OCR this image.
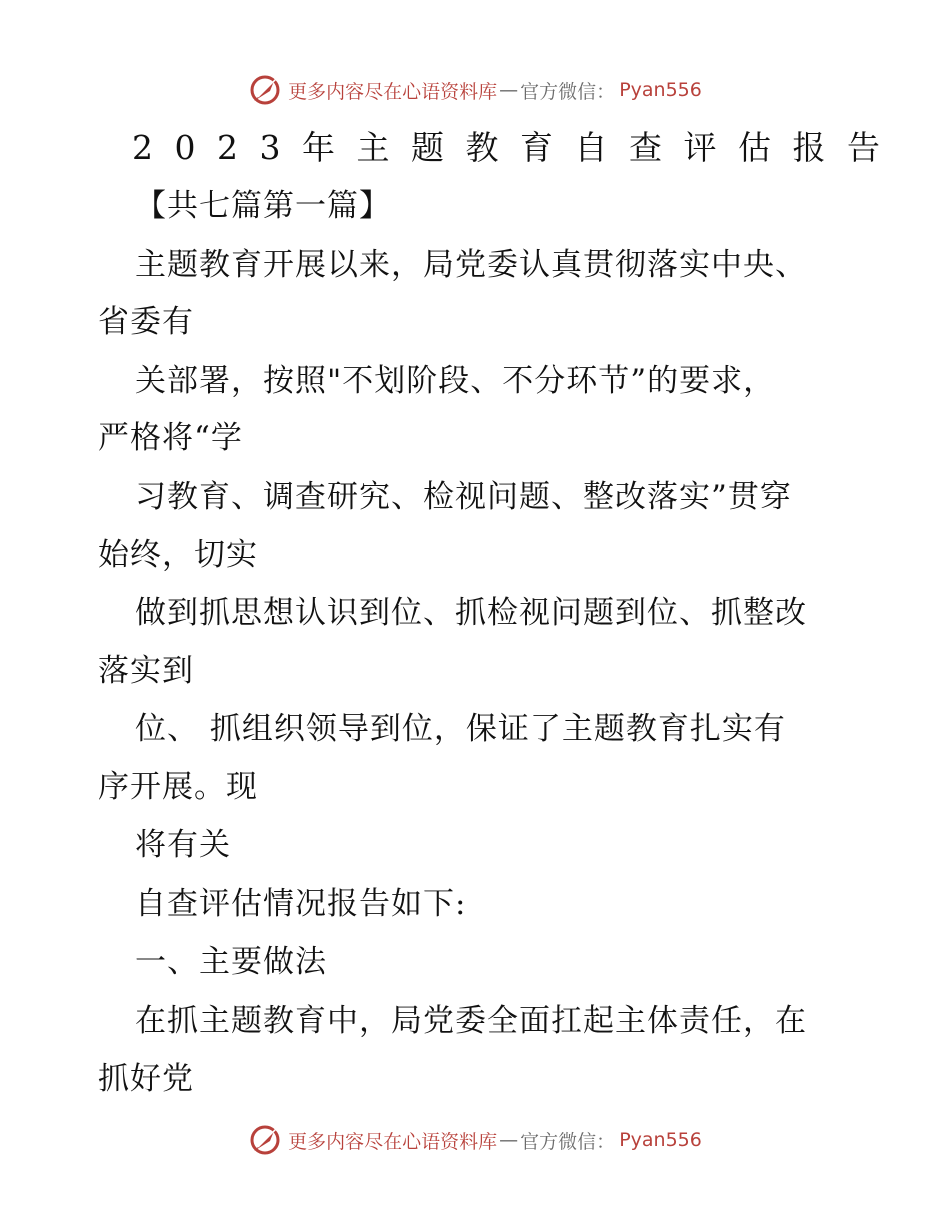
更多内容尽在心语资料库 — 官方微信： Pyan556
2023年主题教育自查评估报告
【共七篇第一篇】
主题教育开展以来，局党委认真贯彻落实中央、
省委有
关部署，按照"不划阶段、不分环节”的要求，
严格将“学
习教育、调查研究、检视问题、整改落实”贯穿
始终，切实
做到抓思想认识到位、抓检视问题到位、抓整改
落实到
位、 抓组织领导到位，保证了主题教育扎实有
序开展。现
将有关
自查评估情况报告如下:
一、主要做法
在抓主题教育中，局党委全面扛起主体责任，在
抓好党
更多内容尽在心语资料库 — 官方微信： Pyan556
